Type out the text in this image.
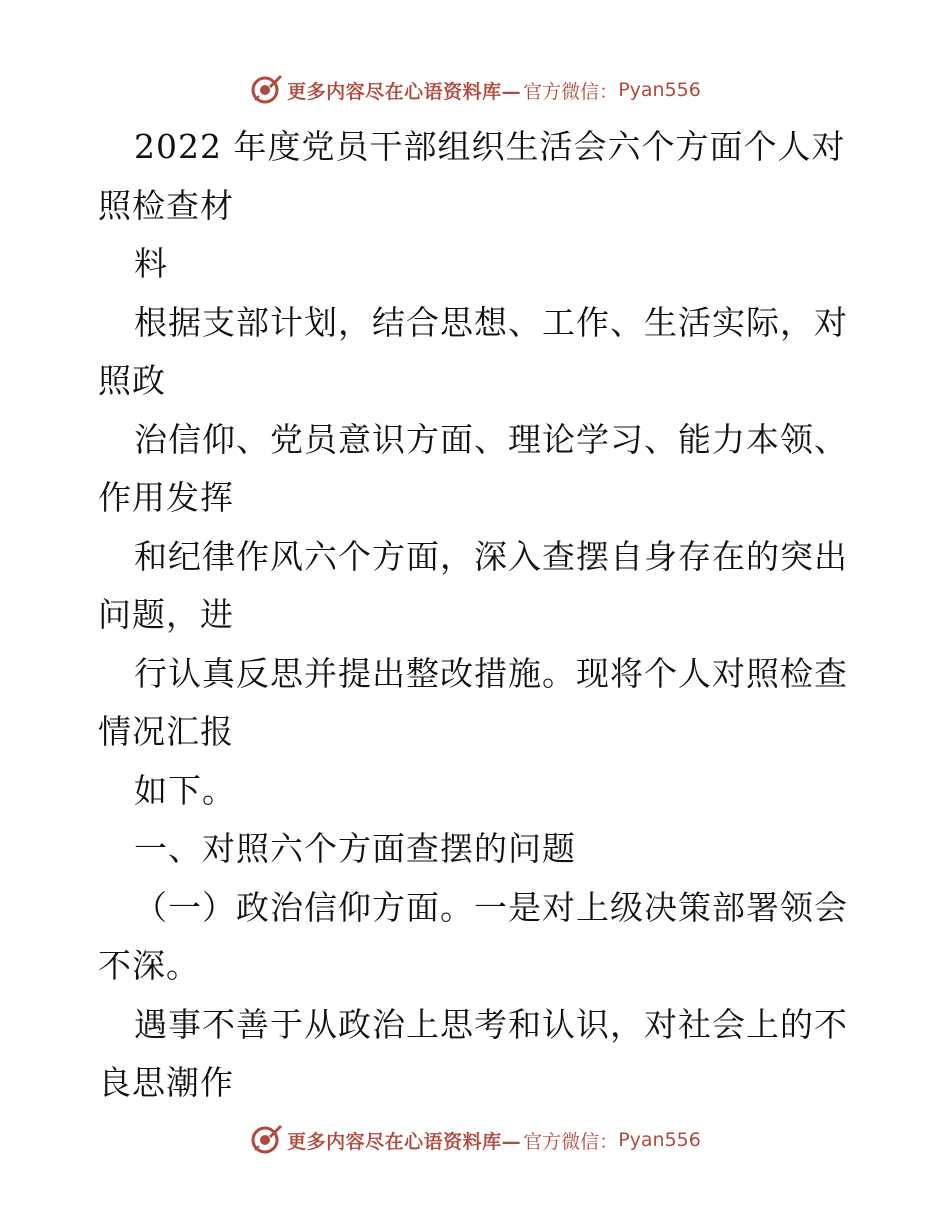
更多内容尽在心语资料库— 官方微信： Pyan556
2022 年度党员干部组织生活会六个方面个人对
照检查材
料
根据支部计划，结合思想、工作、生活实际，对
照政
治信仰、党员意识方面、理论学习、能力本领、
作用发挥
和纪律作风六个方面，深入查摆自身存在的突出
问题，进
行认真反思并提出整改措施。现将个人对照检查
情况汇报
如下。
一、对照六个方面查摆的问题
（一）政治信仰方面。一是对上级决策部署领会
不深。
遇事不善于从政治上思考和认识，对社会上的不
良思潮作
更多内容尽在心语资料库— 官方微信： Pyan556
